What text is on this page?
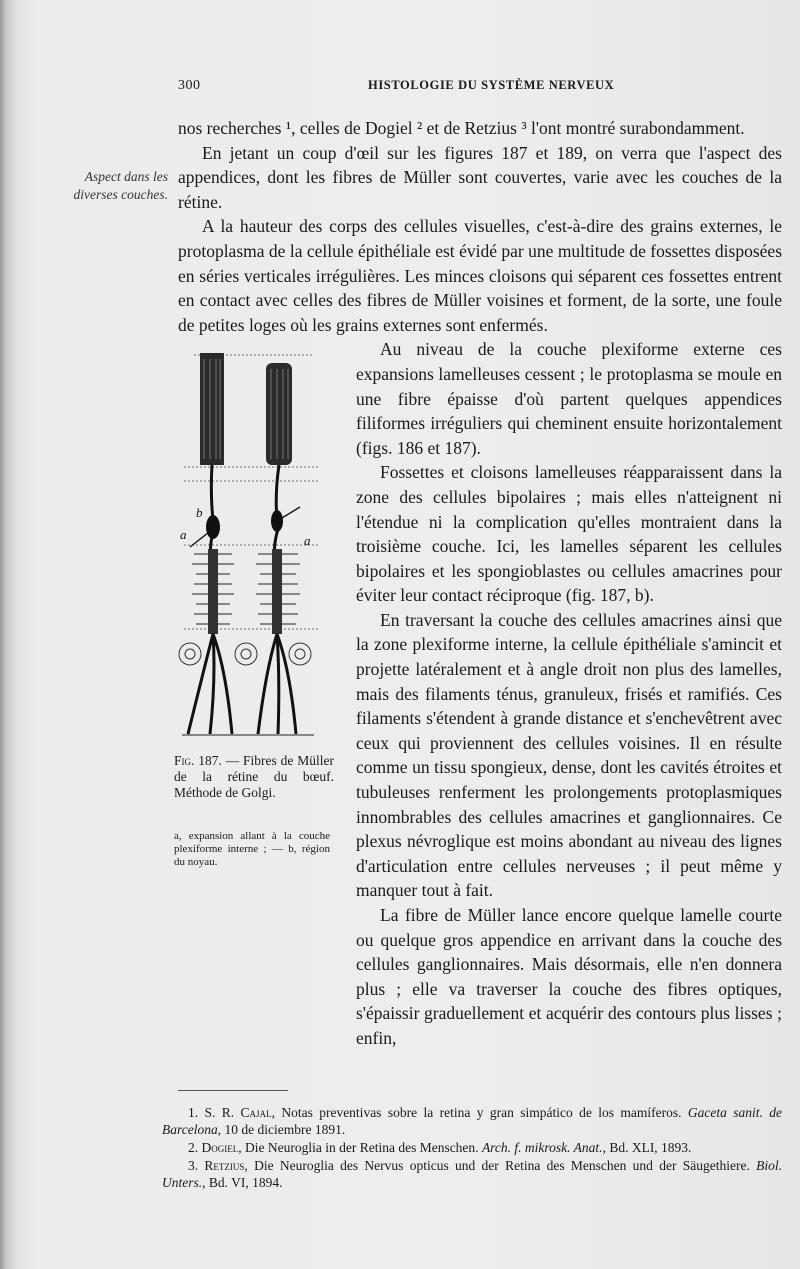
300	HISTOLOGIE DU SYSTÈME NERVEUX
Aspect dans les diverses couches.

nos recherches ¹, celles de Dogiel ² et de Retzius ³ l'ont montré surabondamment.

En jetant un coup d'œil sur les figures 187 et 189, on verra que l'aspect des appendices, dont les fibres de Müller sont couvertes, varie avec les couches de la rétine.

A la hauteur des corps des cellules visuelles, c'est-à-dire des grains externes, le protoplasma de la cellule épithéliale est évidé par une multitude de fossettes disposées en séries verticales irrégulières. Les minces cloisons qui séparent ces fossettes entrent en contact avec celles des fibres de Müller voisines et forment, de la sorte, une foule de petites loges où les grains externes sont enfermés.

b
a	a
Fig. 187. — Fibres de Müller de la rétine du bœuf. Méthode de Golgi.
a, expansion allant à la couche plexiforme interne ; — b, région du noyau.

Au niveau de la couche plexiforme externe ces expansions lamelleuses cessent ; le protoplasma se moule en une fibre épaisse d'où partent quelques appendices filiformes irréguliers qui cheminent ensuite horizontalement (figs. 186 et 187).

Fossettes et cloisons lamelleuses réapparaissent dans la zone des cellules bipolaires ; mais elles n'atteignent ni l'étendue ni la complication qu'elles montraient dans la troisième couche. Ici, les lamelles séparent les cellules bipolaires et les spongioblastes ou cellules amacrines pour éviter leur contact réciproque (fig. 187, b).

En traversant la couche des cellules amacrines ainsi que la zone plexiforme interne, la cellule épithéliale s'amincit et projette latéralement et à angle droit non plus des lamelles, mais des filaments ténus, granuleux, frisés et ramifiés. Ces filaments s'étendent à grande distance et s'enchevêtrent avec ceux qui proviennent des cellules voisines. Il en résulte comme un tissu spongieux, dense, dont les cavités étroites et tubuleuses renferment les prolongements protoplasmiques innombrables des cellules amacrines et ganglionnaires. Ce plexus névroglique est moins abondant au niveau des lignes d'articulation entre cellules nerveuses ; il peut même y manquer tout à fait.

La fibre de Müller lance encore quelque lamelle courte ou quelque gros appendice en arrivant dans la couche des cellules ganglionnaires. Mais désormais, elle n'en donnera plus ; elle va traverser la couche des fibres optiques, s'épaissir graduellement et acquérir des contours plus lisses ; enfin,

1. S. R. Cajal, Notas preventivas sobre la retina y gran simpático de los mamíferos. Gaceta sanit. de Barcelona, 10 de diciembre 1891.

2. Dogiel, Die Neuroglia in der Retina des Menschen. Arch. f. mikrosk. Anat., Bd. XLI, 1893.

3. Retzius, Die Neuroglia des Nervus opticus und der Retina des Menschen und der Säugethiere. Biol. Unters., Bd. VI, 1894.
